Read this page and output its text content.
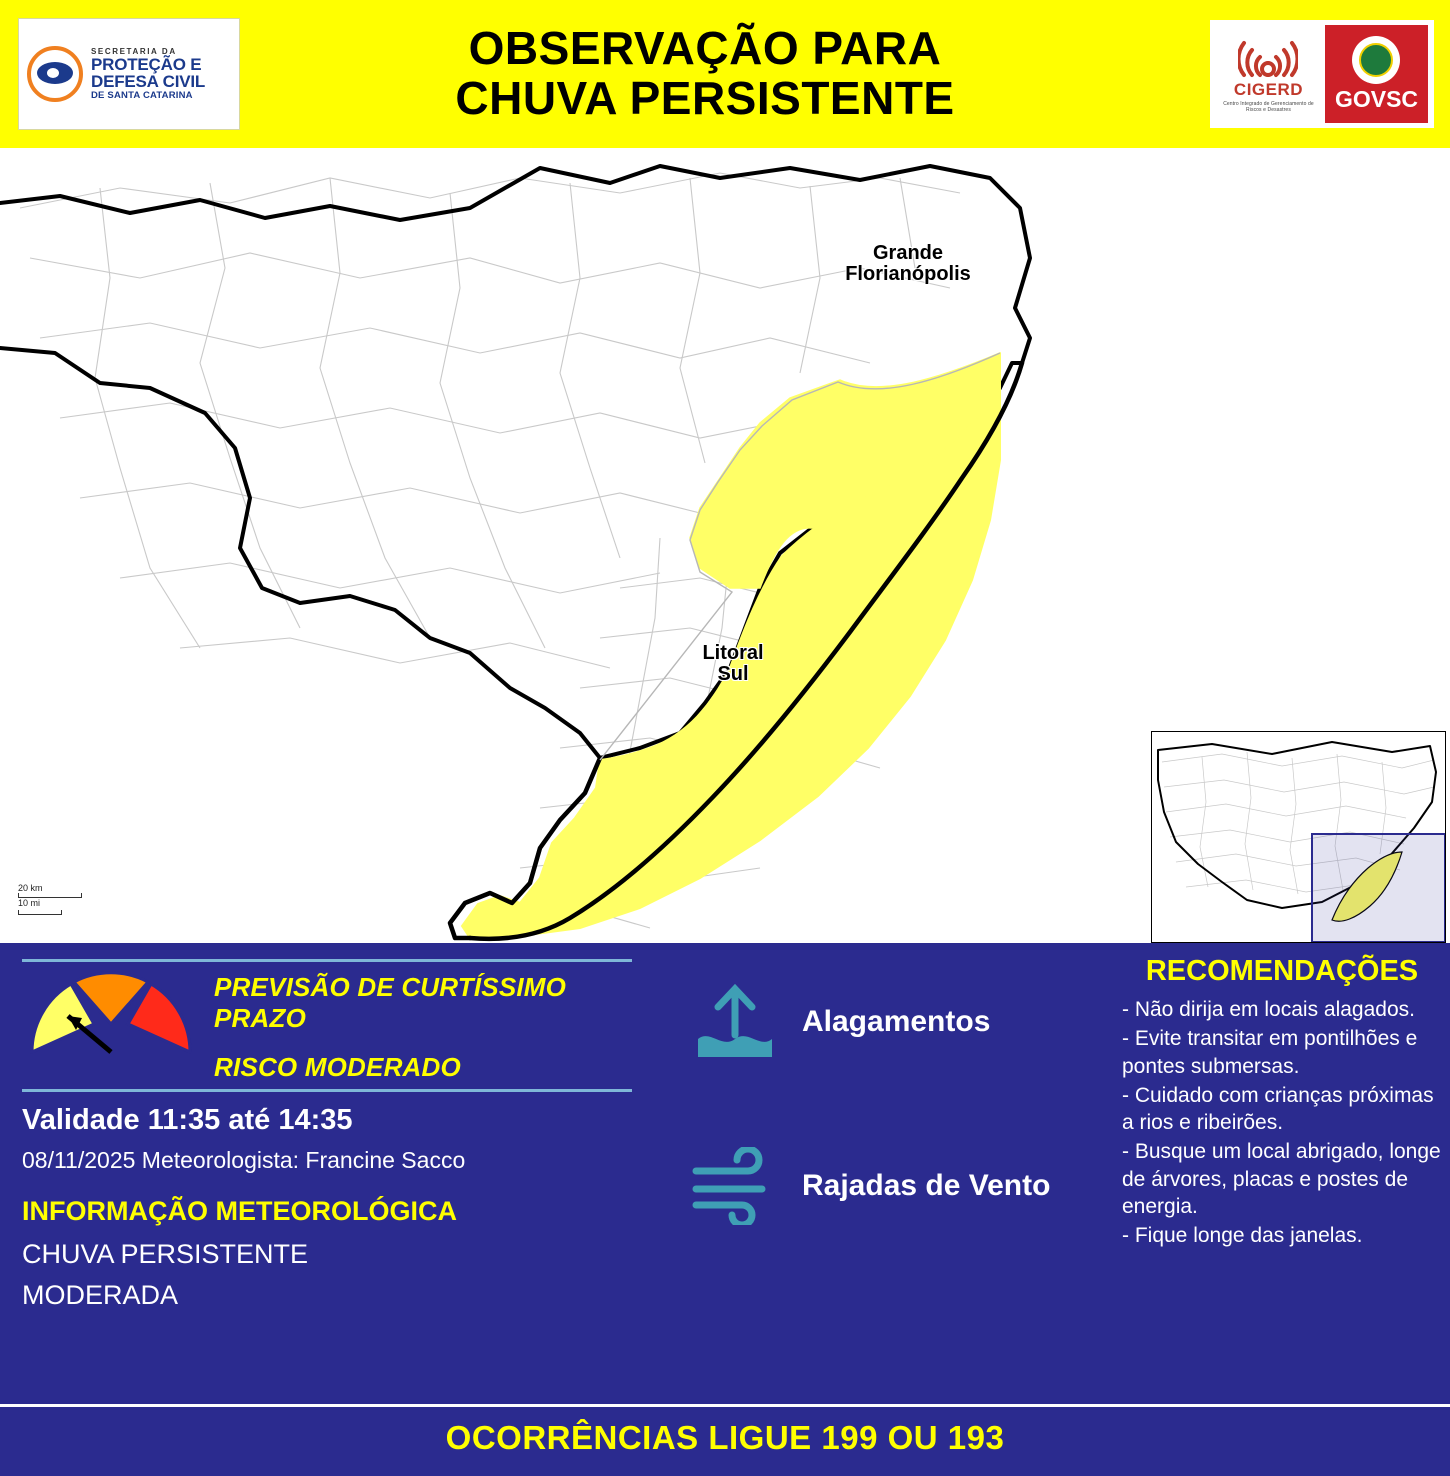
SECRETARIA DA
PROTEÇÃO E
DEFESA CIVIL
DE SANTA CATARINA
OBSERVAÇÃO PARA
CHUVA PERSISTENTE	CIGERD
Centro Integrado de Gerenciamento de Riscos e Desastres	GOVSC
Grande
Florianópolis
Litoral
Sul
20 km
10 mi
PREVISÃO DE CURTÍSSIMO PRAZO
RISCO MODERADO
Validade 11:35 até 14:35
08/11/2025 Meteorologista: Francine Sacco
INFORMAÇÃO METEOROLÓGICA
CHUVA PERSISTENTE
MODERADA
Alagamentos
Rajadas de Vento
RECOMENDAÇÕES
- Não dirija em locais alagados.
- Evite transitar em pontilhões e pontes submersas.
- Cuidado com crianças próximas a rios e ribeirões.
- Busque um local abrigado, longe de árvores, placas e postes de energia.
- Fique longe das janelas.
OCORRÊNCIAS LIGUE 199 OU 193
